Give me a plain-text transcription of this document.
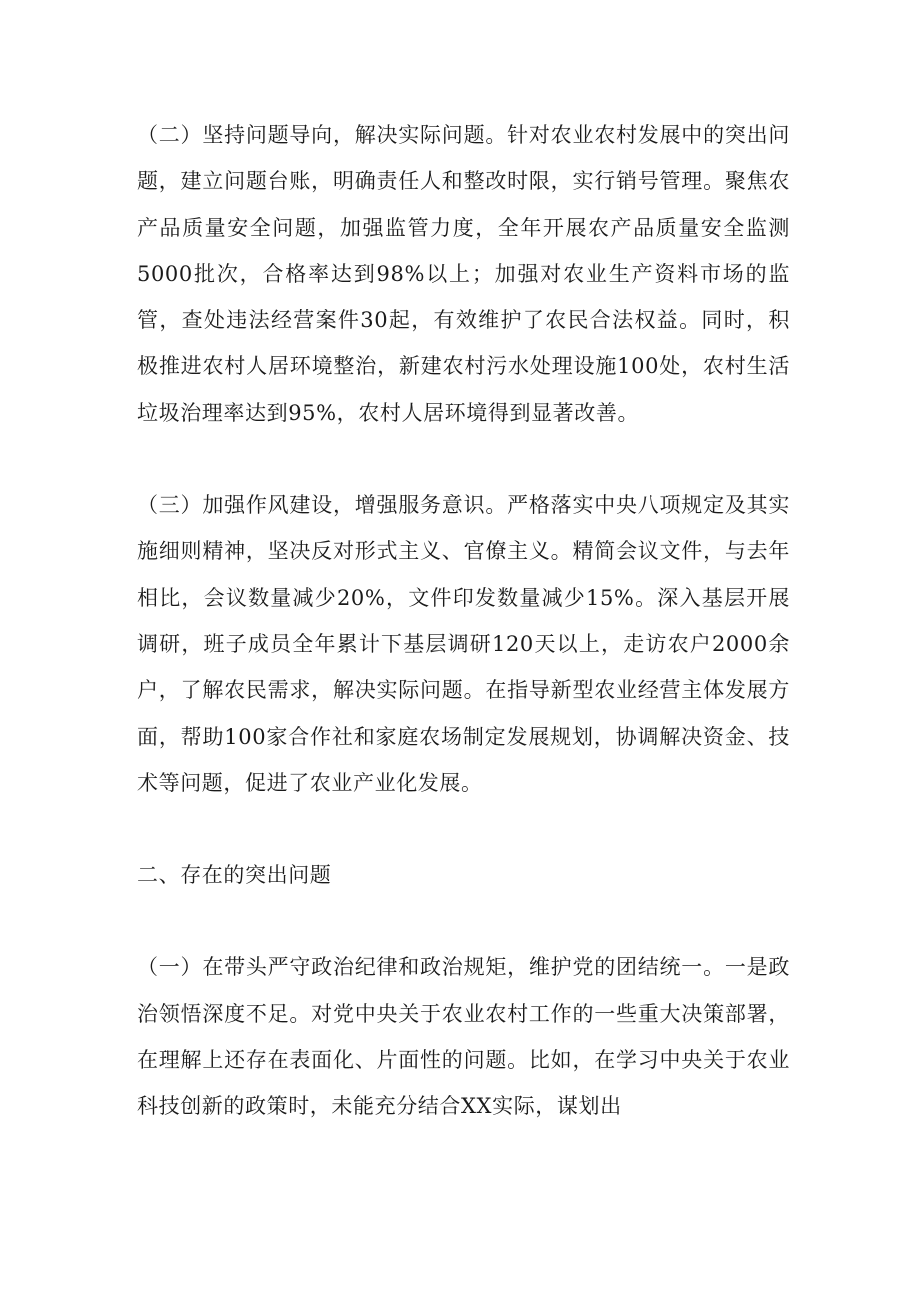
（二）坚持问题导向，解决实际问题。针对农业农村发展中的突出问题，建立问题台账，明确责任人和整改时限，实行销号管理。聚焦农产品质量安全问题，加强监管力度，全年开展农产品质量安全监测5000批次，合格率达到98%以上；加强对农业生产资料市场的监管，查处违法经营案件30起，有效维护了农民合法权益。同时，积极推进农村人居环境整治，新建农村污水处理设施100处，农村生活垃圾治理率达到95%，农村人居环境得到显著改善。

（三）加强作风建设，增强服务意识。严格落实中央八项规定及其实施细则精神，坚决反对形式主义、官僚主义。精简会议文件，与去年相比，会议数量减少20%，文件印发数量减少15%。深入基层开展调研，班子成员全年累计下基层调研120天以上，走访农户2000余户，了解农民需求，解决实际问题。在指导新型农业经营主体发展方面，帮助100家合作社和家庭农场制定发展规划，协调解决资金、技术等问题，促进了农业产业化发展。

二、存在的突出问题

（一）在带头严守政治纪律和政治规矩，维护党的团结统一。一是政治领悟深度不足。对党中央关于农业农村工作的一些重大决策部署，在理解上还存在表面化、片面性的问题。比如，在学习中央关于农业科技创新的政策时，未能充分结合XX实际，谋划出
